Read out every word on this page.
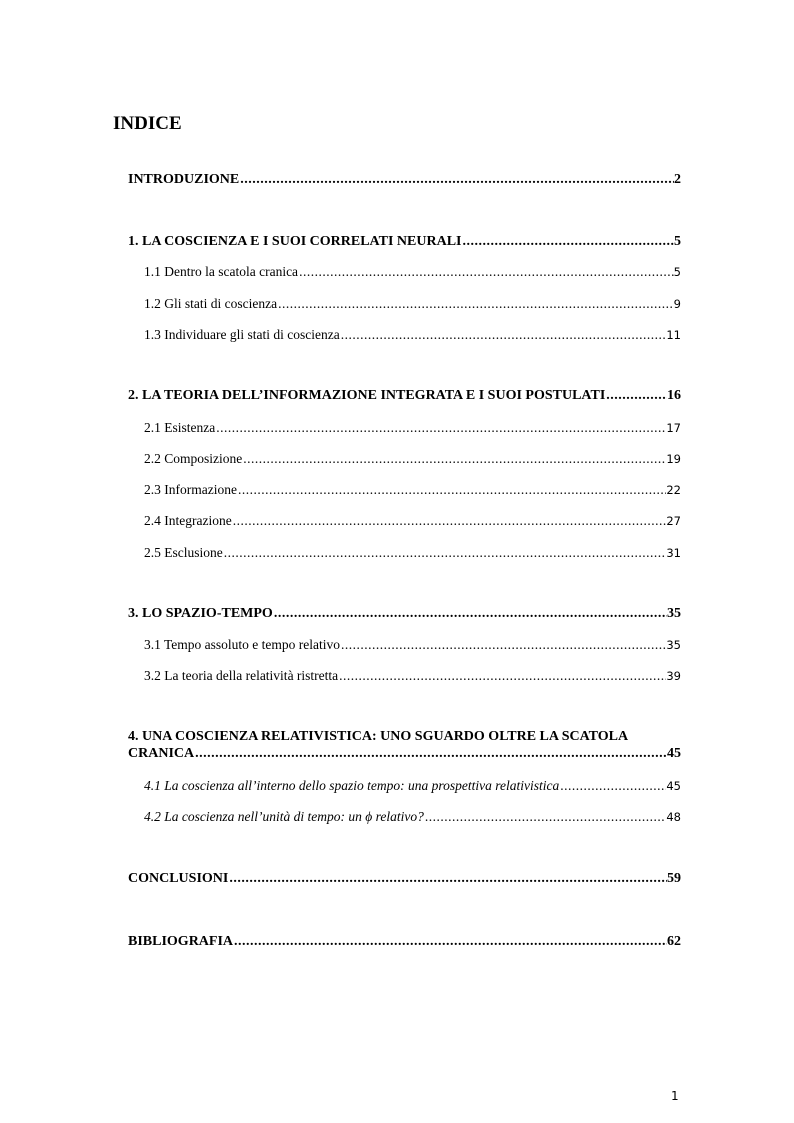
INDICE
INTRODUZIONE .....	2
1. LA COSCIENZA E I SUOI CORRELATI NEURALI .....	5
1.1 Dentro la scatola cranica .....	5
1.2 Gli stati di coscienza .....	9
1.3 Individuare gli stati di coscienza .....	11
2. LA TEORIA DELL’INFORMAZIONE INTEGRATA E I SUOI POSTULATI .....	16
2.1 Esistenza .....	17
2.2 Composizione .....	19
2.3 Informazione .....	22
2.4 Integrazione .....	27
2.5 Esclusione .....	31
3. LO SPAZIO-TEMPO .....	35
3.1 Tempo assoluto e tempo relativo .....	35
3.2 La teoria della relatività ristretta .....	39
4. UNA COSCIENZA RELATIVISTICA: UNO SGUARDO OLTRE LA SCATOLA
CRANICA .....	45
4.1 La coscienza all’interno dello spazio tempo: una prospettiva relativistica .....	45
4.2 La coscienza nell’unità di tempo: un ϕ relativo? .....	48
CONCLUSIONI .....	59
BIBLIOGRAFIA .....	62
1
